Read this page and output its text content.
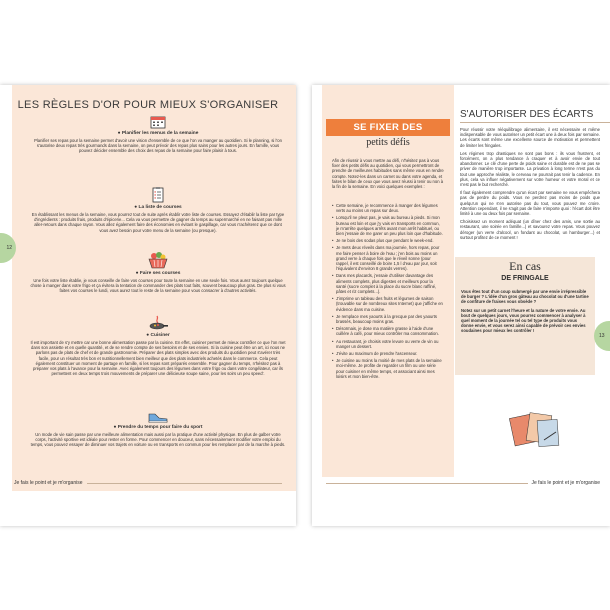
LES RÈGLES D'OR POUR MIEUX S'ORGANISER
12
● Planifier les menus de la semaine
Planifier ses repas pour la semaine permet d'avoir une vision d'ensemble de ce que l'on va manger au quotidien. Si le planning, si l'on s'autorise deux repas très gourmands dans la semaine, on peut prévoir des repas plus sains pour les autres jours. En famille, vous pouvez décider ensemble des choix des repas de la semaine pour faire plaisir à tous.
● La liste de courses
En établissant les menus de la semaine, vous pourrez tout de suite après établir votre liste de courses. Essayez d'établir la liste par type d'ingrédients : produits frais, produits d'épicerie... Cela va vous permettre de gagner du temps au supermarché en ne faisant pas mille aller-retours dans chaque rayon. Vous allez également faire des économies en évitant le gaspillage, car vous n'achèterez que ce dont vous avez besoin pour votre menu de la semaine (ou presque).
● Faire ses courses
Une fois votre liste établie, je vous conseille de faire vos courses pour toute la semaine en une seule fois. Vous aurez toujours quelque chose à manger dans votre frigo et ça évitera la tentation de commander des plats tout faits, souvent beaucoup plus gras. De plus si vous faites vos courses le lundi, vous aurez tout le reste de la semaine pour vous consacrer à d'autres activités.
● Cuisiner
Il est important de s'y mettre car une bonne alimentation passe par la cuisine. En effet, cuisiner permet de mieux contrôler ce que l'on met dans son assiette et en quelle quantité, et de se rendre compte de ses besoins et de ses envies. Si la cuisine peut être un art, ici nous ne parlons pas de plats de chef et de grande gastronomie. Préparer des plats simples avec des produits du quotidien peut s'avérer très facile, pour un résultat très bon et nutritionnellement bien meilleur que des plats industriels achetés dans le commerce. Cela peut également constituer un moment de partage en famille, si les repas sont préparés ensemble. Pour gagner du temps, n'hésitez pas à préparer vos plats à l'avance pour la semaine. Avec également toujours des légumes dans votre frigo ou dans votre congélateur, car ils permettent en deux temps trois mouvements de préparer une délicieuse soupe saine, pour les soirs un peu speed'.
● Prendre du temps pour faire du sport
Un mode de vie sain passe par une meilleure alimentation mais aussi par la pratique d'une activité physique. En plus de galber votre corps, l'activité sportive est idéale pour rester en forme. Pour commencer en douceur, sans nécessairement modifier votre emploi du temps, vous pouvez essayer de diminuer vos trajets en voiture ou en transports en commun pour les remplacer par de la marche à pieds.
Je fais le point et je m'organise
SE FIXER DES
petits défis
Afin de réussir à vous mettre au défi, n'hésitez pas à vous fixer des petits défis au quotidien, qui vous permettront de prendre de meilleures habitudes sans même vous en rendre compte. Notez-les dans un carnet ou dans votre agenda, et faites le bilan de ceux que vous avez réussi à tenir ou non à la fin de la semaine. En voici quelques exemples :
• Cette semaine, je recommence à manger des légumes verts au moins un repas sur deux.
• Lorsqu'il ne pleut pas, je vais au bureau à pieds. Si mon bureau est loin et que j'y vais en transports en commun, je m'arrête quelques arrêts avant mon arrêt habituel, ou bien j'essaie de me garer un peu plus loin que d'habitude.
• Je ne bois des sodas plus que pendant le week-end.
• Je mets deux réveils dans ma journée, hors repas, pour me faire penser à boire de l'eau ; j'en bois au moins un grand verre à chaque fois que le réveil sonne (pour rappel, il est conseillé de boire 1,5 l d'eau par jour, soit l'équivalent d'environ 8 grands verres).
• Dans mes placards, j'essaie d'utiliser davantage des aliments complets, plus digestes et meilleurs pour la santé (sucre complet à la place du sucre blanc raffiné, pâtes et riz complets...).
• J'imprime un tableau des fruits et légumes de saison (trouvable sur de nombreux sites Internet) que j'affiche en évidence dans ma cuisine.
• Je remplace mes yaourts à la grecque par des yaourts brassés, beaucoup moins gras.
• Désormais, je dose ma matière grasse à l'aide d'une cuillère à café, pour mieux contrôler ma consommation.
• Au restaurant, je choisis votre levure ou verre de vin ou manger un dessert.
• J'évite au maximum de prendre l'ascenseur.
• Je cuisine au moins la moitié de mes plats de la semaine moi-même. Je profite de regarder un film ou une série pour cuisiner en même temps, et associant ainsi mes loisirs et mon bien-être.
S'AUTORISER DES ÉCARTS

Pour réussir votre rééquilibrage alimentaire, il est nécessaire et même indispensable de vous autoriser un petit écart une à deux fois par semaine. Les écarts sont même une excellente source de motivation et permettent de limiter les fringales.

Les régimes trop drastiques ne sont pas bons : ils vous frustrent, et forcément, on a plus tendance à craquer et à avoir envie de tout abandonner. Le clé d'une perte de poids saine et durable est de ne pas se priver de manière trop importante. La privation à long terme n'est pas du tout une approche réaliste, le cerveau ne pourrait pas tenir la cadence. En plus, cela va influer négativement sur votre humeur et votre moral et ce n'est pas le but recherché.

Il faut également comprendre qu'un écart par semaine ne vous empêchera pas de perdre du poids. Vous ne perdrez pas moins de poids que quelqu'un qui ne s'en autorise pas du tout, vous pouvez me croire. Attention cependant, il ne s'agit pas de faire n'importe quoi : l'écart doit être limité à une ou deux fois par semaine.

Choisissez un moment adéquat (un dîner chez des amis, une sortie au restaurant, une soirée en famille...) et savourez votre repas. Vous pouvez déroger (un verre d'alcool, un fondant au chocolat, un hamburger...) et surtout profitez de ce moment !

En cas
DE FRINGALE

Vous êtes tout d'un coup submergé par une envie irrépressible de burger ? L'idée d'un gros gâteau au chocolat ou d'une tartine de confiture de fraises vous obsède ?

Notez sur un petit carnet l'heure et la nature de votre envie. Au bout de quelques jours, vous pourrez commencer à analyser à quel moment de la journée tel ou tel type de produits vous donne envie, et vous serez ainsi capable de prévoir ces envies soudaines pour mieux les contrôler !

13
Je fais le point et je m'organise
